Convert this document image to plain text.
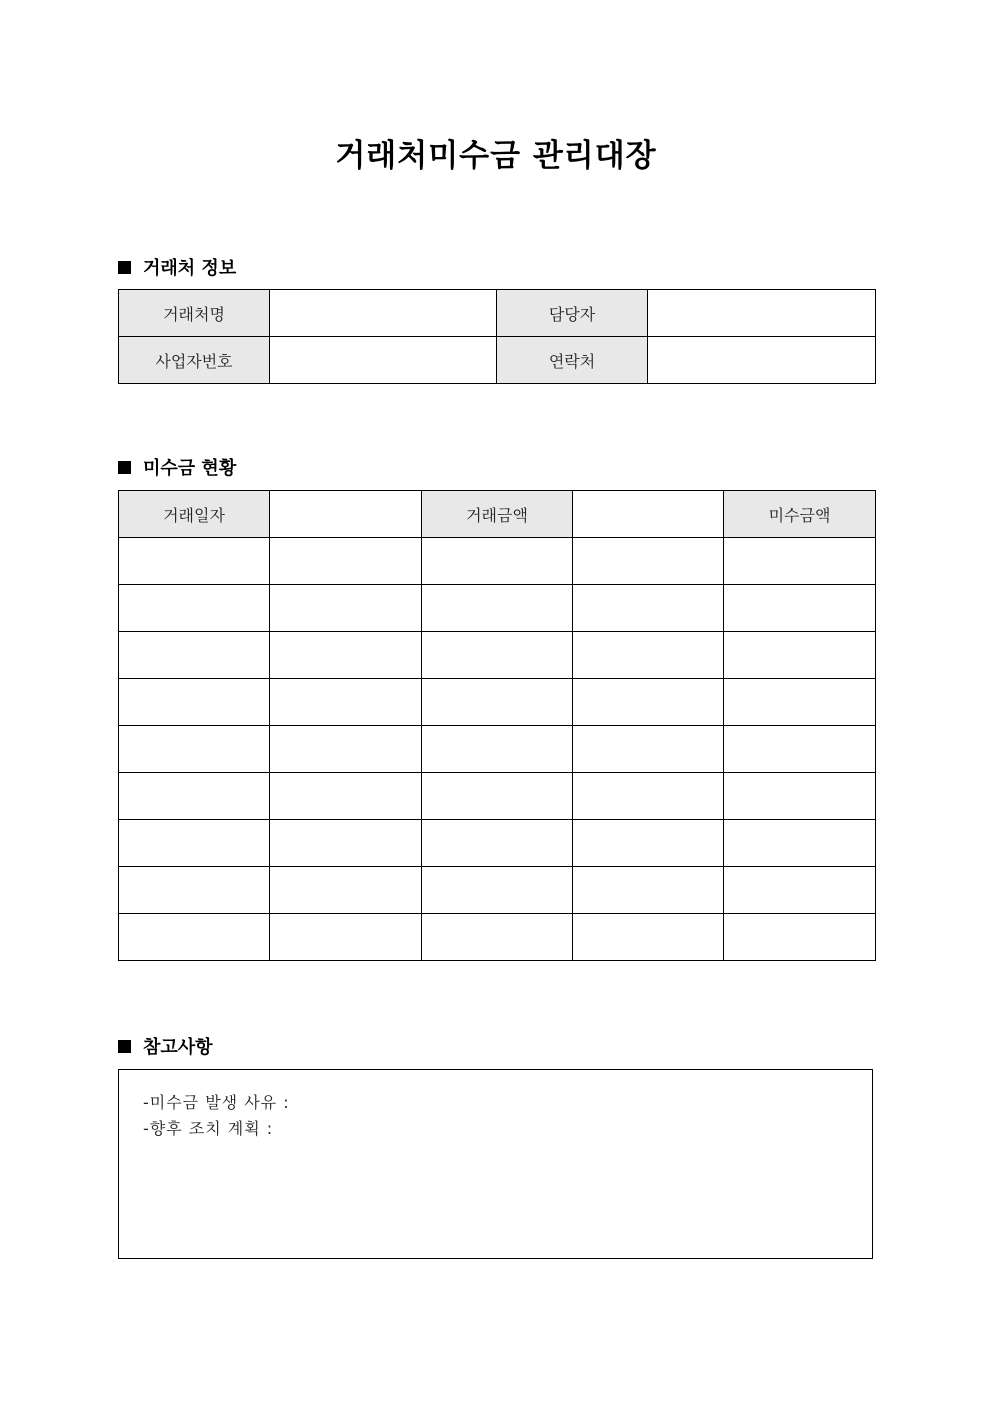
거래처미수금 관리대장
거래처 정보
거래처명		담당자	
사업자번호		연락처	
미수금 현황
거래일자		거래금액		미수금액

참고사항
-미수금 발생 사유 :
-향후 조치 계획 :
